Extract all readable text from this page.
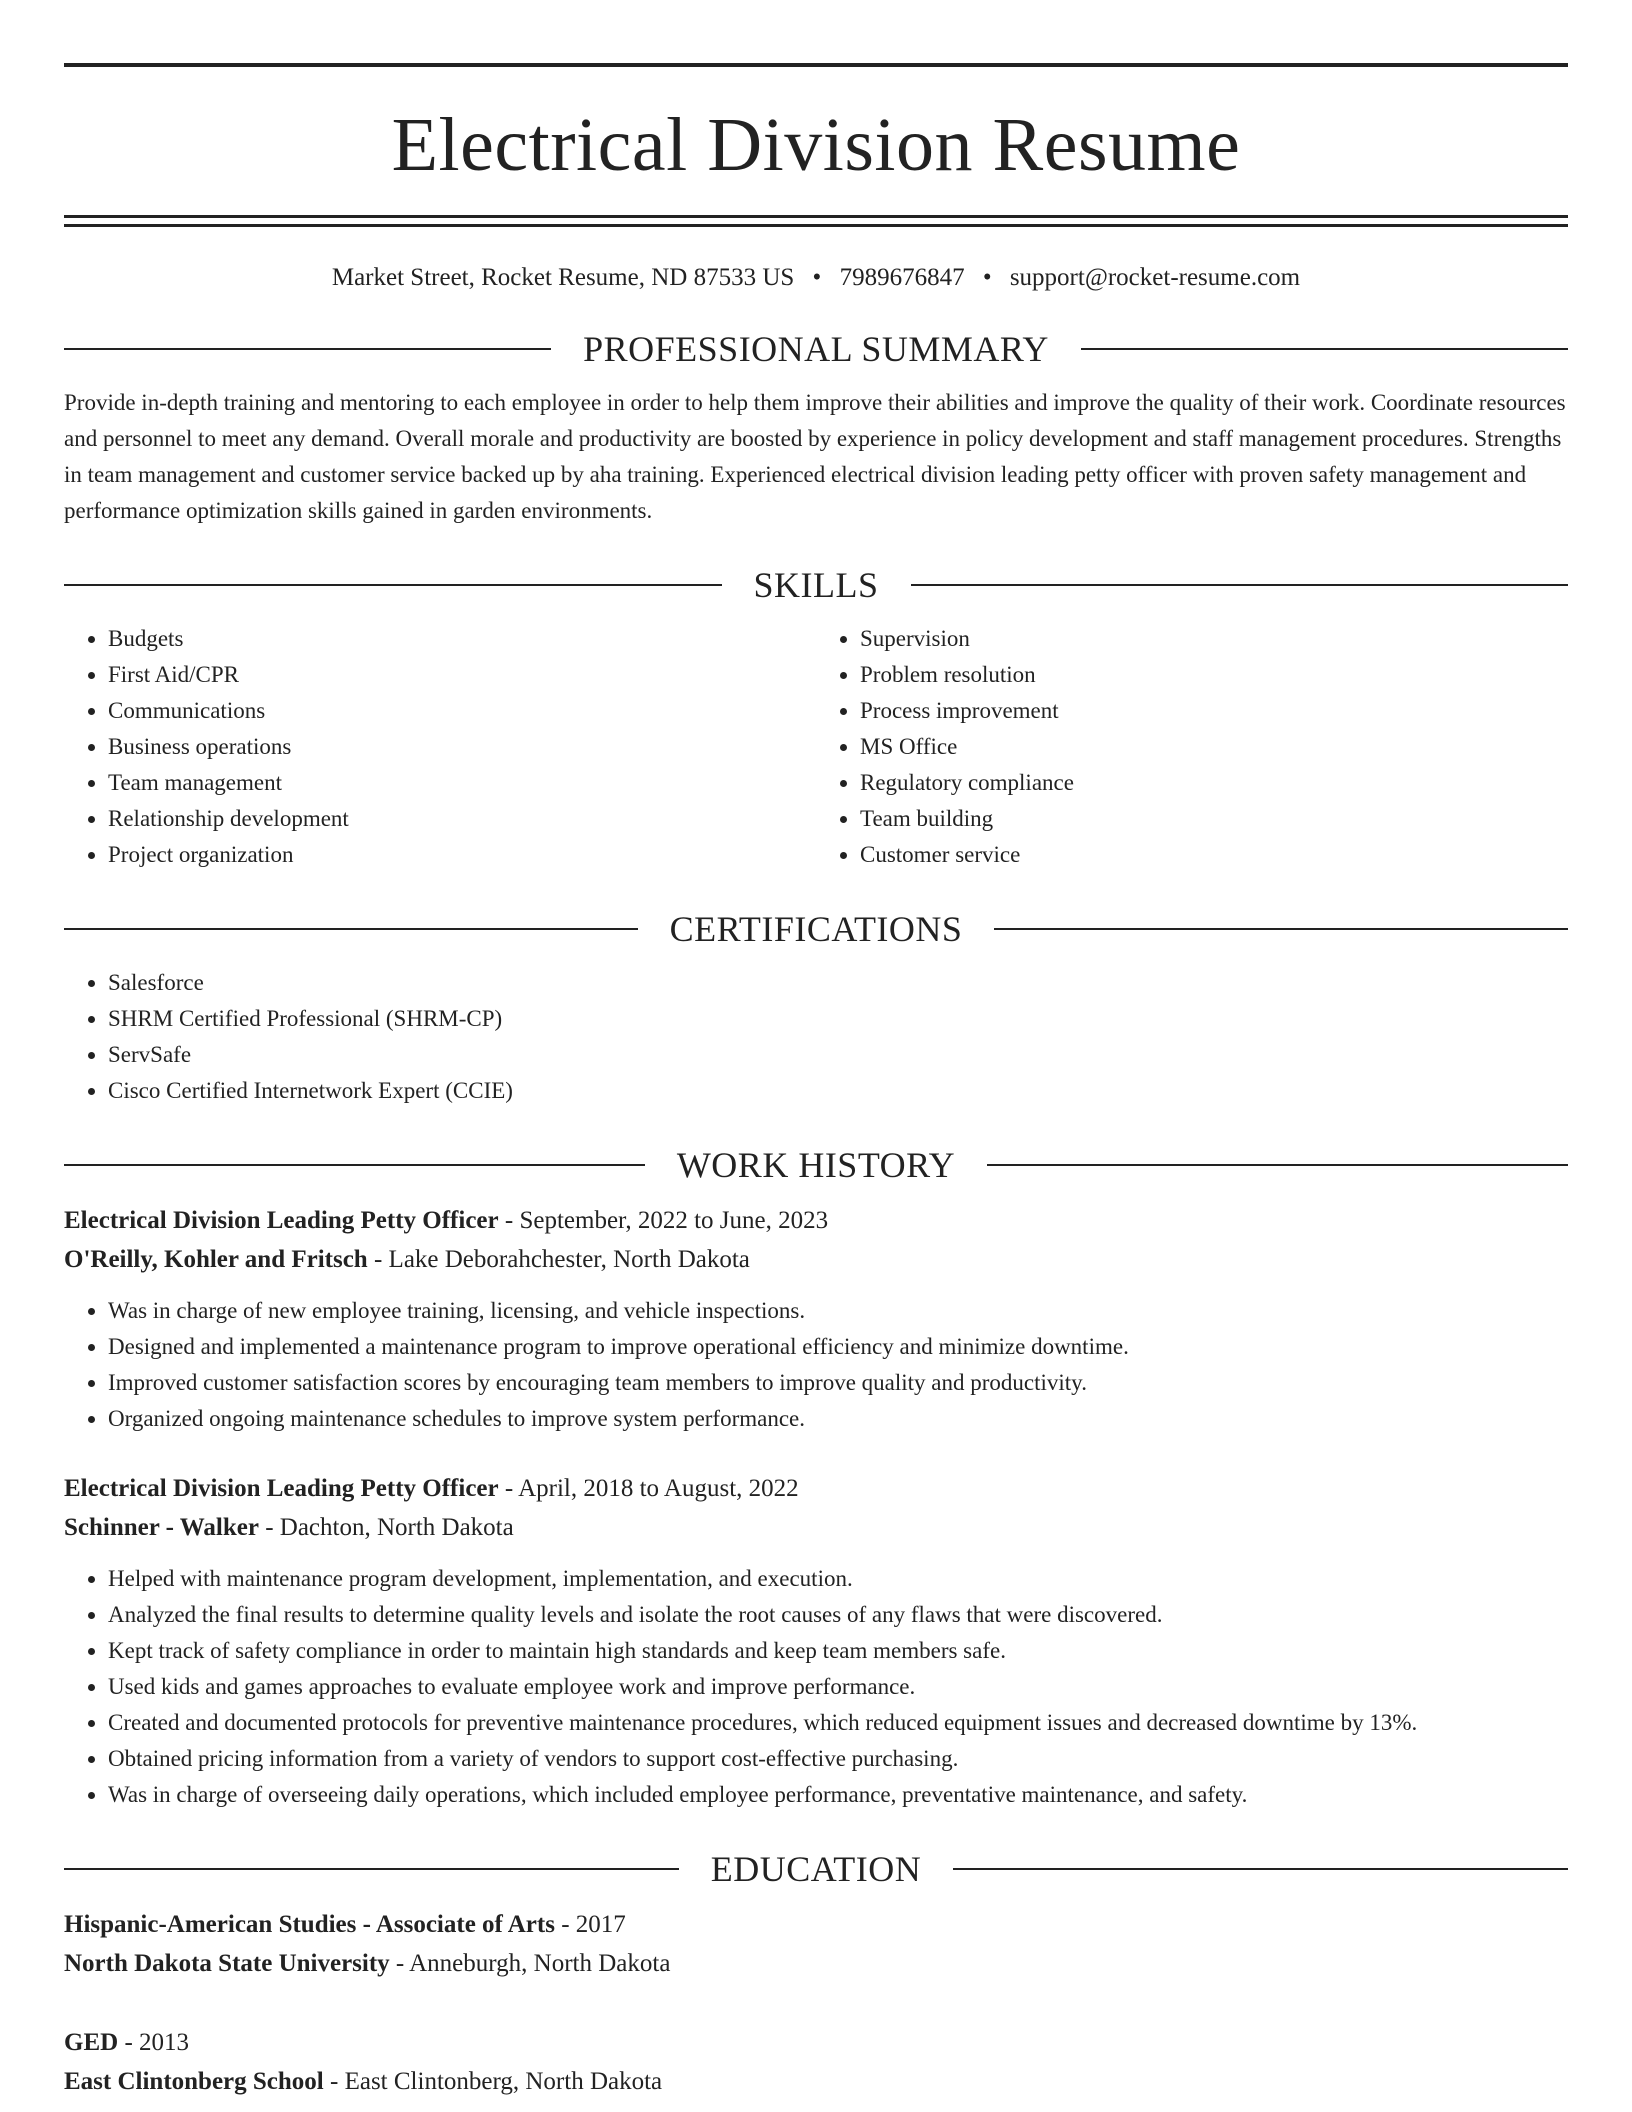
Electrical Division Resume
Market Street, Rocket Resume, ND 87533 US • 7989676847 • support@rocket-resume.com
PROFESSIONAL SUMMARY

Provide in-depth training and mentoring to each employee in order to help them improve their abilities and improve the quality of their work. Coordinate resources and personnel to meet any demand. Overall morale and productivity are boosted by experience in policy development and staff management procedures. Strengths in team management and customer service backed up by aha training. Experienced electrical division leading petty officer with proven safety management and performance optimization skills gained in garden environments.

SKILLS
• Budgets
• First Aid/CPR
• Communications
• Business operations
• Team management
• Relationship development
• Project organization
• Supervision
• Problem resolution
• Process improvement
• MS Office
• Regulatory compliance
• Team building
• Customer service
CERTIFICATIONS
• Salesforce
• SHRM Certified Professional (SHRM-CP)
• ServSafe
• Cisco Certified Internetwork Expert (CCIE)
WORK HISTORY
Electrical Division Leading Petty Officer - September, 2022 to June, 2023
O'Reilly, Kohler and Fritsch - Lake Deborahchester, North Dakota
• Was in charge of new employee training, licensing, and vehicle inspections.
• Designed and implemented a maintenance program to improve operational efficiency and minimize downtime.
• Improved customer satisfaction scores by encouraging team members to improve quality and productivity.
• Organized ongoing maintenance schedules to improve system performance.
Electrical Division Leading Petty Officer - April, 2018 to August, 2022
Schinner - Walker - Dachton, North Dakota
• Helped with maintenance program development, implementation, and execution.
• Analyzed the final results to determine quality levels and isolate the root causes of any flaws that were discovered.
• Kept track of safety compliance in order to maintain high standards and keep team members safe.
• Used kids and games approaches to evaluate employee work and improve performance.
• Created and documented protocols for preventive maintenance procedures, which reduced equipment issues and decreased downtime by 13%.
• Obtained pricing information from a variety of vendors to support cost-effective purchasing.
• Was in charge of overseeing daily operations, which included employee performance, preventative maintenance, and safety.
EDUCATION
Hispanic-American Studies - Associate of Arts - 2017
North Dakota State University - Anneburgh, North Dakota
GED - 2013
East Clintonberg School - East Clintonberg, North Dakota
